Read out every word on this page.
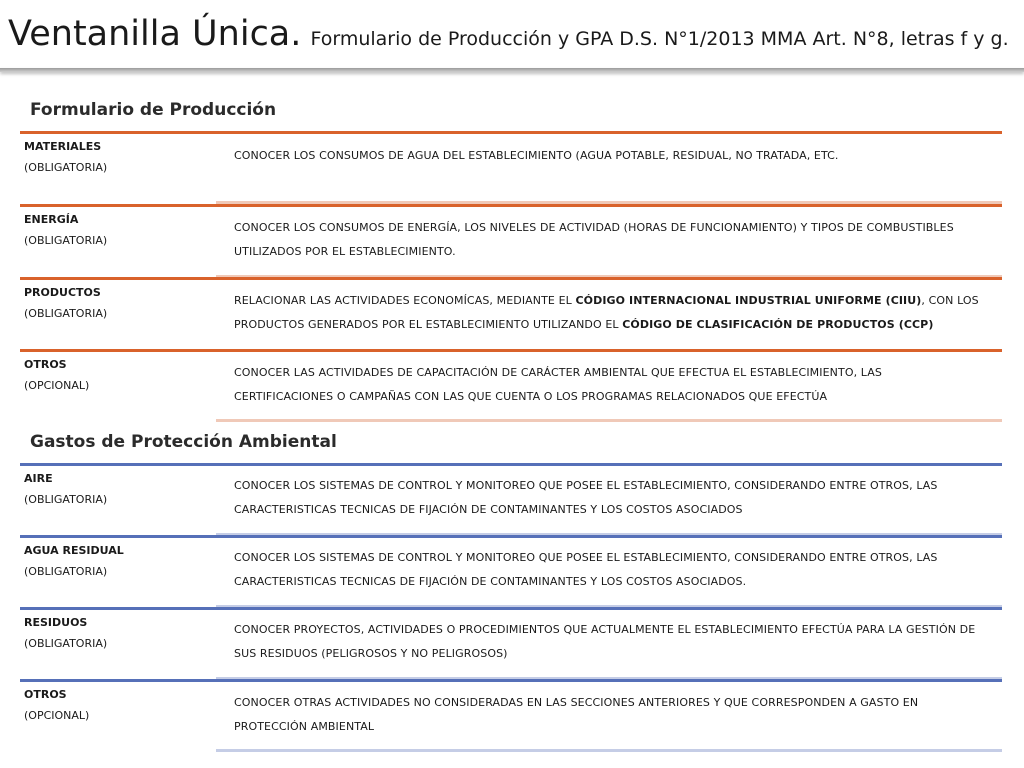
Ventanilla Única. Formulario de Producción y GPA D.S. N°1/2013 MMA Art. N°8, letras f y g.
Formulario de Producción
MATERIALES
(OBLIGATORIA)
CONOCER LOS CONSUMOS DE AGUA DEL ESTABLECIMIENTO (AGUA POTABLE, RESIDUAL, NO TRATADA, ETC.
ENERGÍA
(OBLIGATORIA)
CONOCER LOS CONSUMOS DE ENERGÍA, LOS NIVELES DE ACTIVIDAD (HORAS DE FUNCIONAMIENTO) Y TIPOS DE COMBUSTIBLES UTILIZADOS POR EL ESTABLECIMIENTO.
PRODUCTOS
(OBLIGATORIA)
RELACIONAR LAS ACTIVIDADES ECONOMÍCAS, MEDIANTE EL CÓDIGO INTERNACIONAL INDUSTRIAL UNIFORME (CIIU), CON LOS PRODUCTOS GENERADOS POR EL ESTABLECIMIENTO UTILIZANDO EL CÓDIGO DE CLASIFICACIÓN DE PRODUCTOS (CCP)
OTROS
(OPCIONAL)
CONOCER LAS ACTIVIDADES DE CAPACITACIÓN DE CARÁCTER AMBIENTAL QUE EFECTUA EL ESTABLECIMIENTO, LAS CERTIFICACIONES O CAMPAÑAS CON LAS QUE CUENTA O LOS PROGRAMAS RELACIONADOS QUE EFECTÚA
Gastos de Protección Ambiental
AIRE
(OBLIGATORIA)
CONOCER LOS SISTEMAS DE CONTROL Y MONITOREO QUE POSEE EL ESTABLECIMIENTO, CONSIDERANDO ENTRE OTROS, LAS CARACTERISTICAS TECNICAS DE FIJACIÓN DE CONTAMINANTES Y LOS COSTOS ASOCIADOS
AGUA RESIDUAL
(OBLIGATORIA)
CONOCER LOS SISTEMAS DE CONTROL Y MONITOREO QUE POSEE EL ESTABLECIMIENTO, CONSIDERANDO ENTRE OTROS, LAS CARACTERISTICAS TECNICAS DE FIJACIÓN DE CONTAMINANTES Y LOS COSTOS ASOCIADOS.
RESIDUOS
(OBLIGATORIA)
CONOCER PROYECTOS, ACTIVIDADES O PROCEDIMIENTOS QUE ACTUALMENTE EL ESTABLECIMIENTO EFECTÚA PARA LA GESTIÓN DE SUS RESIDUOS (PELIGROSOS Y NO PELIGROSOS)
OTROS
(OPCIONAL)
CONOCER OTRAS ACTIVIDADES NO CONSIDERADAS EN LAS SECCIONES ANTERIORES Y QUE CORRESPONDEN A GASTO EN PROTECCIÓN AMBIENTAL
